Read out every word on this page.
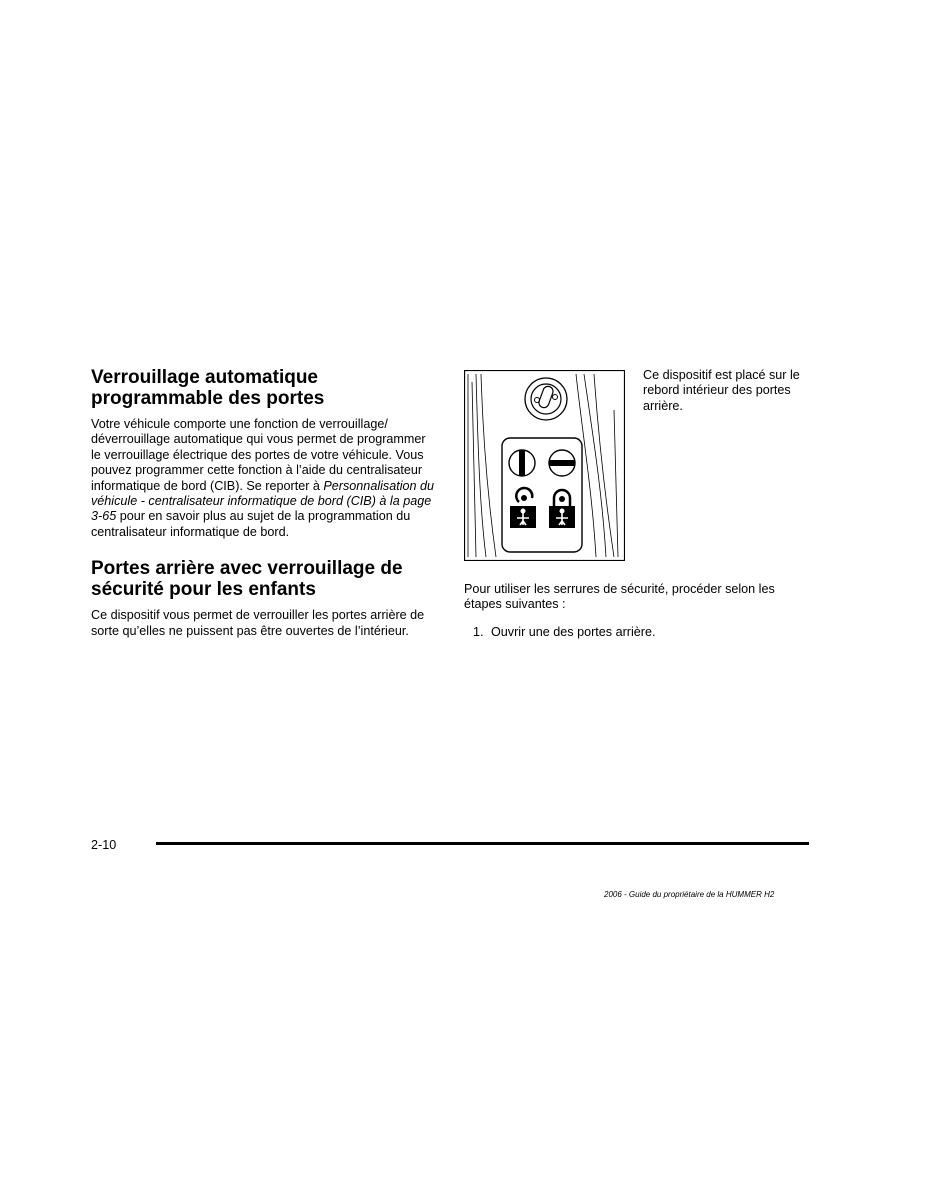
Verrouillage automatique programmable des portes

Votre véhicule comporte une fonction de verrouillage/ déverrouillage automatique qui vous permet de programmer le verrouillage électrique des portes de votre véhicule. Vous pouvez programmer cette fonction à l’aide du centralisateur informatique de bord (CIB). Se reporter à Personnalisation du véhicule - centralisateur informatique de bord (CIB) à la page 3-65 pour en savoir plus au sujet de la programmation du centralisateur informatique de bord.

Portes arrière avec verrouillage de sécurité pour les enfants

Ce dispositif vous permet de verrouiller les portes arrière de sorte qu’elles ne puissent pas être ouvertes de l’intérieur.

Ce dispositif est placé sur le rebord intérieur des portes arrière.
Pour utiliser les serrures de sécurité, procéder selon les étapes suivantes :
1. Ouvrir une des portes arrière.
2-10
2006 - Guide du propriétaire de la HUMMER H2
